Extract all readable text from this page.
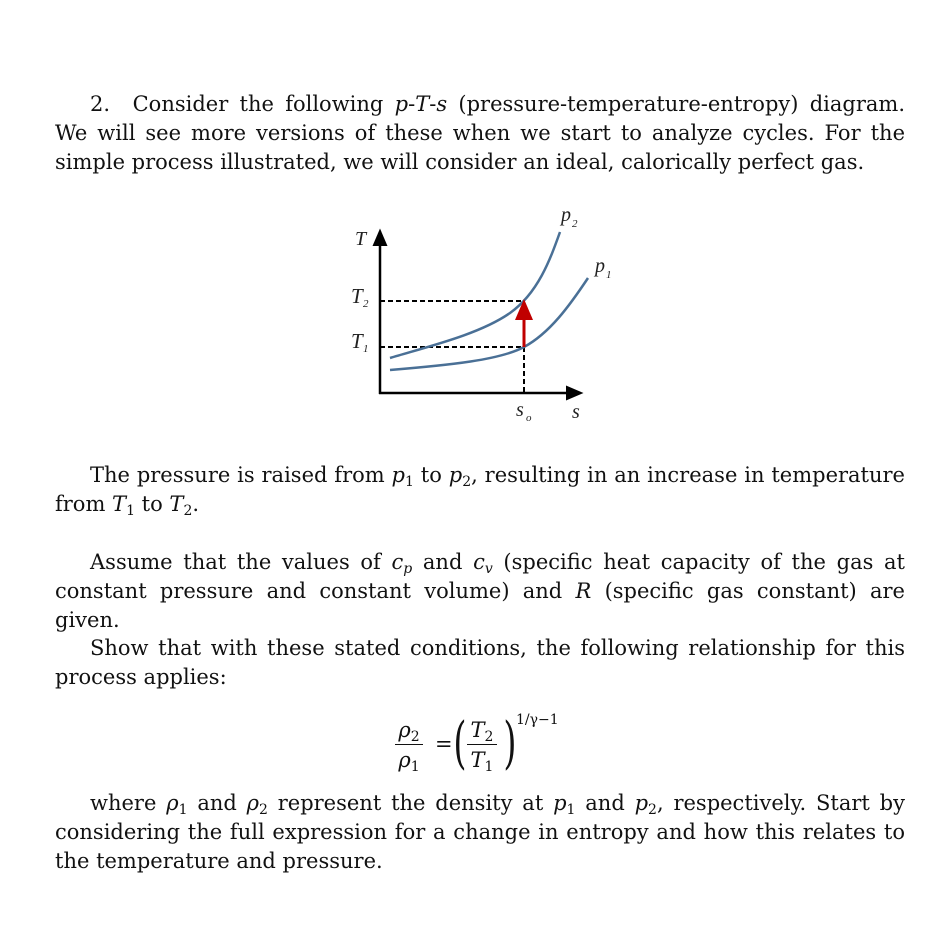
2. Consider the following p-T-s (pressure-temperature-entropy) diagram. We will see more versions of these when we start to analyze cycles. For the simple process illustrated, we will consider an ideal, calorically perfect gas.

T
s
T 2
T 1
s o
p 2
p 1

The pressure is raised from $p_1$ to $p_2$, resulting in an increase in temperature from $T_1$ to $T_2$.

Assume that the values of $c_p$ and $c_v$ (specific heat capacity of the gas at constant pressure and constant volume) and R (specific gas constant) are given.

Show that with these stated conditions, the following relationship for this process applies:

$\frac{\rho_2}{\rho_1}$ = ( $\frac{T_2}{T_1}$ ) 1/γ−1

where $\rho_1$ and $\rho_2$ represent the density at $p_1$ and $p_2$, respectively. Start by considering the full expression for a change in entropy and how this relates to the temperature and pressure.
